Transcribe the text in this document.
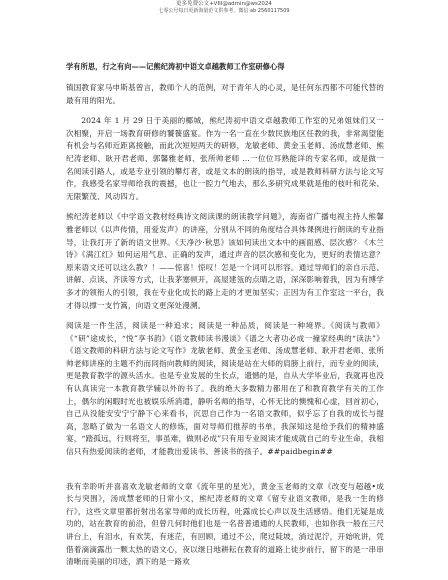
更多免费公文+VIII@admin@ws2024
七零公号每日更新海量范文供参考，微信 ab 2560117509
学有所思，行之有向——记熊纪涛初中语文卓越教师工作室研修心得

镇国教育家马申斯基曾言，教师个人的范例，对于青年人的心灵，是任何东西都不可能代替的最有用的阳光。

2024 年 1 月 29 日于美丽的椰城，熊纪涛初中语文卓越教师工作室的兄弟姐妹们又一次相聚，开启一场教育研修的饕餮盛宴。作为一名一直在少数民族地区任教的我，非常渴望能有机会与名师近距离接触，而此次短短两天的研修，龙敏老师、黄金玉老师、汤成慧老师、熊纪涛老师、耿开君老师、郭馨雅老师、张所帅老师 …一位位耳熟能详的专家名师，或是做一名阅读引路人，或是专业引领的攀灯者，或是文本的朗读的指导，或是教师科研方法与论文写作，我感受名家导师给我的震撼，也让一腔力气地去，那么多研究成果就是他的枝叶和花朵、无限繁茂、风动四方。

熊纪涛老师以《中学语文教材经典诗文阅读课的朗读教学问题》，海南省广播电视主持人熊馨雅老师以《以声传情，用爱发声》的讲座，分别从不同的角度结合具体课例进行朗读的专业指导，让我打开了新的语文世界。《天净沙·秋思》该如何读出文本中的画面感、层次感？《木兰诗》《满江红》如何运用气息、正确的发声，通过声音的层次感和变化为，更好的表情达意？原来语文还可以这么教？！——惊喜！惊叹！怎是一个词可以形容。通过导师们的亲自示范、讲解、点读、齐读等方式，让我茅塞顿开，高屋建瓴的点睛之语，深深影响着我，因为有博学多才的领衔人的引领，我在专业化成长的路上走的才更加坚实；正因为有工作室这一平台，我才得以撑一支竹篙，向语文更深处漫溯。

阅读是一件生活，阅读是一种追求；阅读是一种品质，阅读是一种境界。《阅读与教师》《“研”途成长，“悦”享书韵》《语文教师读书漫谈》《谱之大者功必成一撞家经典的“读法”》《语文教师的科研方法与论文写作》龙敏老师、黄金玉老师、汤成慧老师、耿开君老师、张所帅老师讲座的主题不约而同指向教师的阅读，阅读是站在大师的肩膀上前行，而专业的阅读，更是教育教学的源头活水。也是专业发展的生长点，遗憾的是，自从大学毕业后，我就再也没有认真读完一本教育教学辅以外的书了。我的绝大多数精力都用在了和教育教学有关的工作上，偶尔的闲暇时光也被娱乐所消遣，静听名师的指导，心怀无比的懊愧和心虚，回首初心，自己从没能安安宁宁静下心来看书，沉思自己作为一名语文教师，似乎忘了自我的成长与提高，忽略了做为一名语文人的修炼，面对导师们推荐的书单，我深知这是给予我们的精神盛宴，“踏孤远，行则将至，事虽难，做则必成”只有用专业阅读才能成就自己的专业生命，我相信只有热爱阅读的老师，才能教出爱读书、善读书的孩子。##paidbegin##

我有幸聆听并喜喜欢龙敏老师的文章《流年里的星光》，黄金玉老师的文章《改变与超越•成长与突围》，汤成慧老师的日常小文，熊纪涛老师的文章《留专业语文教师，是我一生的修行》，这些文章里都折射出名家导师的成长历程，吐露成长心声以及生活感悟。他们无疑是成功的，站在教育的前沿，但曾几何时他们也是一名普普通通的人民教师，也如你我一般在三尺讲台上，有泪水，有欢笑，有迷茫，有回顾，通过不公，爬过陡坡，淌过泥泞，开始吮讲，凭借着滴滴露出一颗太热的语文心，夜以继日地耕耘在教育的道路上徒步前行，留下的是一串串清晰而美丽的印迹，洒下的是一路欢
